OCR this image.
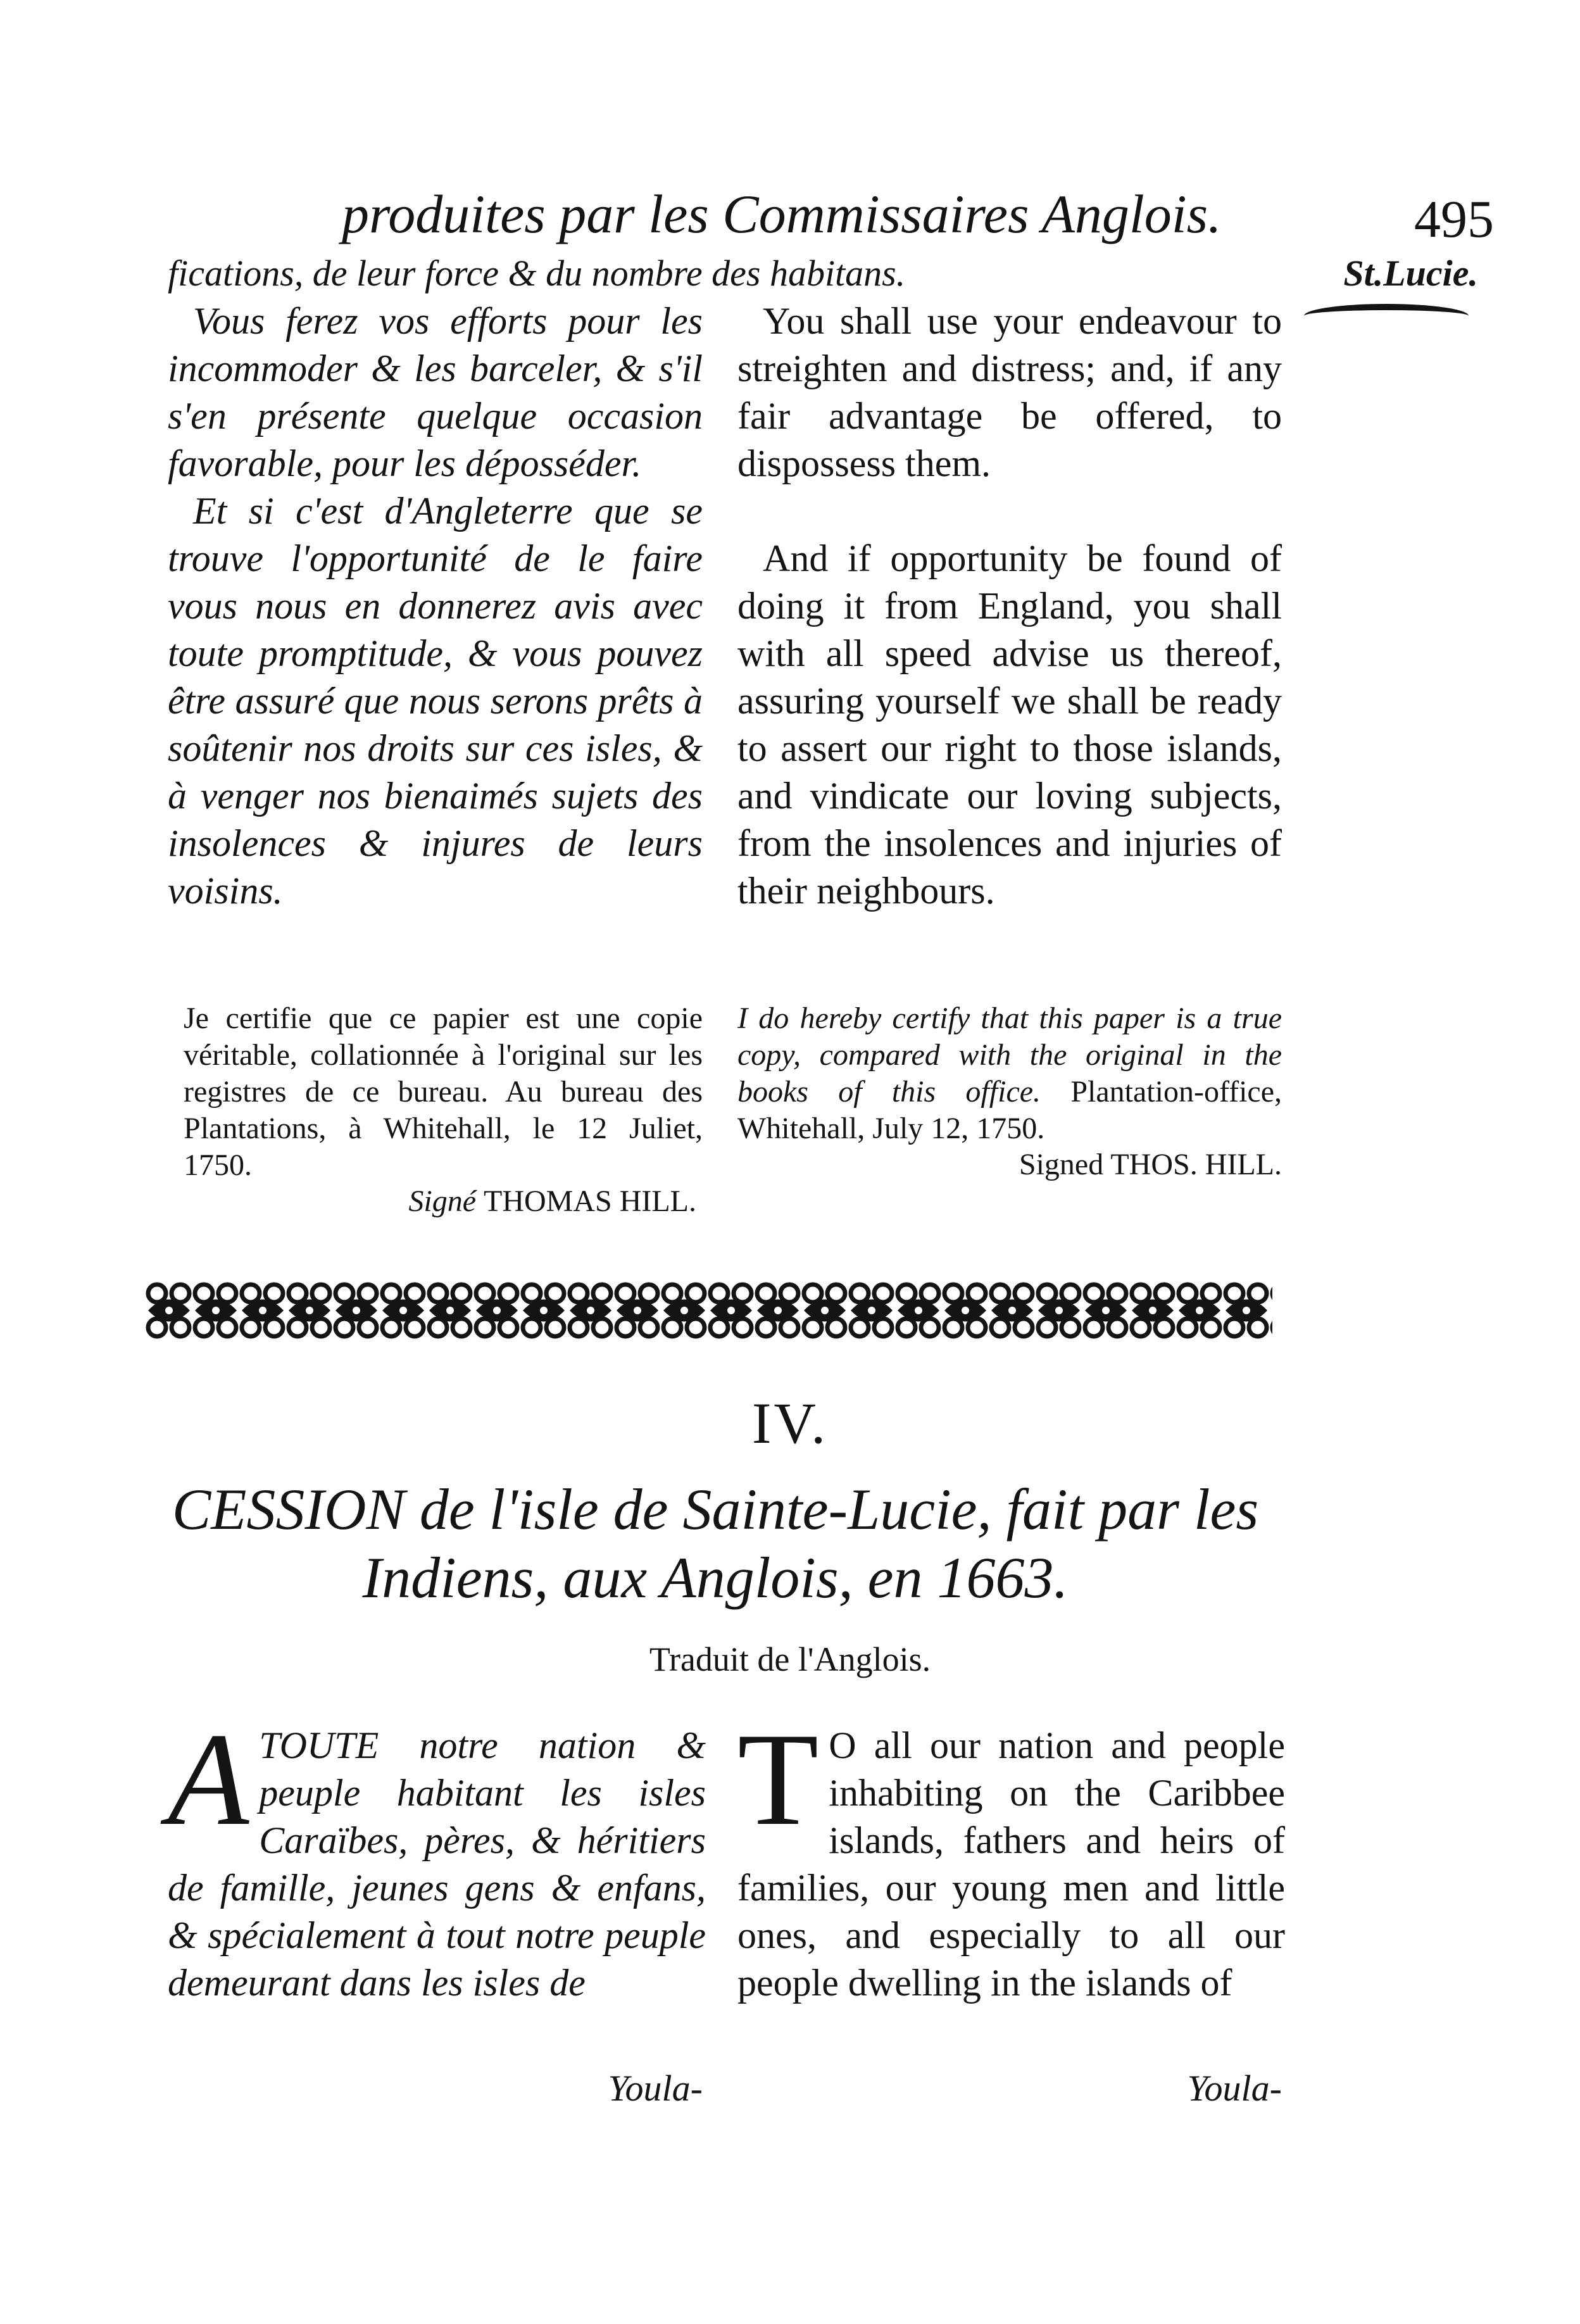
produites par les Commissaires Anglois.	495
fications, de leur force & du nombre des habitans.	St.Lucie.

Vous ferez vos efforts pour les incommoder & les barceler, & s'il s'en présente quelque occasion favorable, pour les déposséder.

Et si c'est d'Angleterre que se trouve l'opportunité de le faire vous nous en donnerez avis avec toute promptitude, & vous pouvez être assuré que nous serons prêts à soûtenir nos droits sur ces isles, & à venger nos bienaimés sujets des insolences & injures de leurs voisins.

You shall use your endeavour to streighten and distress; and, if any fair advantage be offered, to dispossess them.

And if opportunity be found of doing it from England, you shall with all speed advise us thereof, assuring yourself we shall be ready to assert our right to those islands, and vindicate our loving subjects, from the insolences and injuries of their neighbours.

Je certifie que ce papier est une copie véritable, collationnée à l'original sur les registres de ce bureau. Au bureau des Plantations, à Whitehall, le 12 Juliet, 1750.
Signé THOMAS HILL.
I do hereby certify that this paper is a true copy, compared with the original in the books of this office. Plantation-office, Whitehall, July 12, 1750.
Signed THOS. HILL.
IV.
CESSION de l'isle de Sainte-Lucie, fait par les
Indiens, aux Anglois, en 1663.
Traduit de l'Anglois.
A TOUTE notre nation & peuple habitant les isles Caraïbes, pères, & héritiers de famille, jeunes gens & enfans, & spécialement à tout notre peuple demeurant dans les isles de
T O all our nation and people inhabiting on the Caribbee islands, fathers and heirs of families, our young men and little ones, and especially to all our people dwelling in the islands of
Youla-	Youla-
